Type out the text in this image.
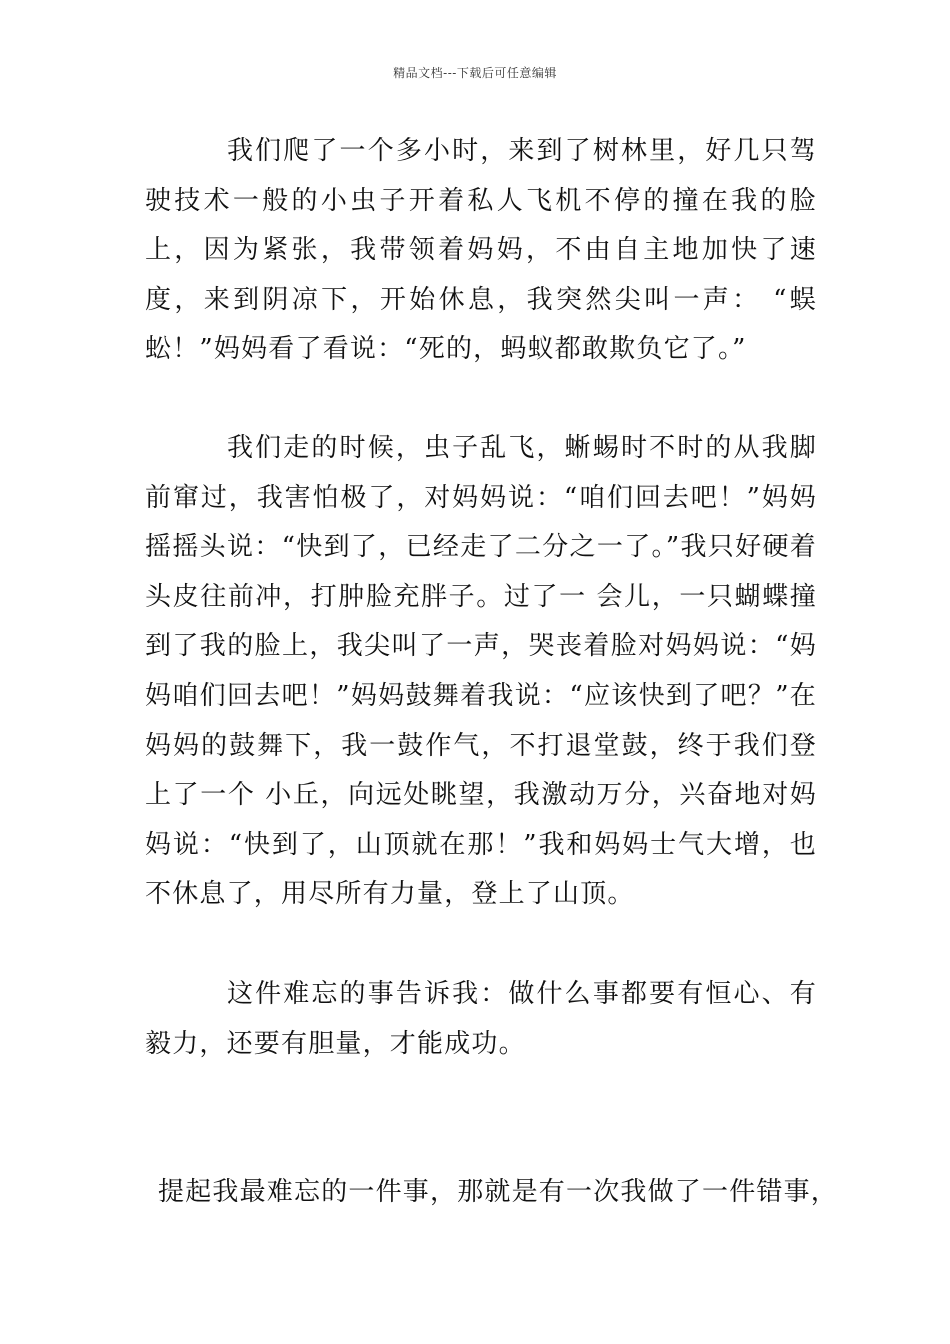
精品文档---下载后可任意编辑

我们爬了一个多小时，来到了树林里，好几只驾驶技术一般的小虫子开着私人飞机不停的撞在我的脸上，因为紧张，我带领着妈妈，不由自主地加快了速度，来到阴凉下，开始休息，我突然尖叫一声： “蜈蚣！”妈妈看了看说：“死的，蚂蚁都敢欺负它了。”

我们走的时候，虫子乱飞，蜥蜴时不时的从我脚前窜过，我害怕极了，对妈妈说：“咱们回去吧！”妈妈摇摇头说：“快到了，已经走了二分之一了。”我只好硬着头皮往前冲，打肿脸充胖子。过了一 会儿，一只蝴蝶撞到了我的脸上，我尖叫了一声，哭丧着脸对妈妈说：“妈妈咱们回去吧！”妈妈鼓舞着我说：“应该快到了吧？”在妈妈的鼓舞下，我一鼓作气，不打退堂鼓，终于我们登上了一个 小丘，向远处眺望，我激动万分，兴奋地对妈妈说：“快到了，山顶就在那！”我和妈妈士气大增，也不休息了，用尽所有力量，登上了山顶。

这件难忘的事告诉我：做什么事都要有恒心、有毅力，还要有胆量，才能成功。

提起我最难忘的一件事，那就是有一次我做了一件错事，
